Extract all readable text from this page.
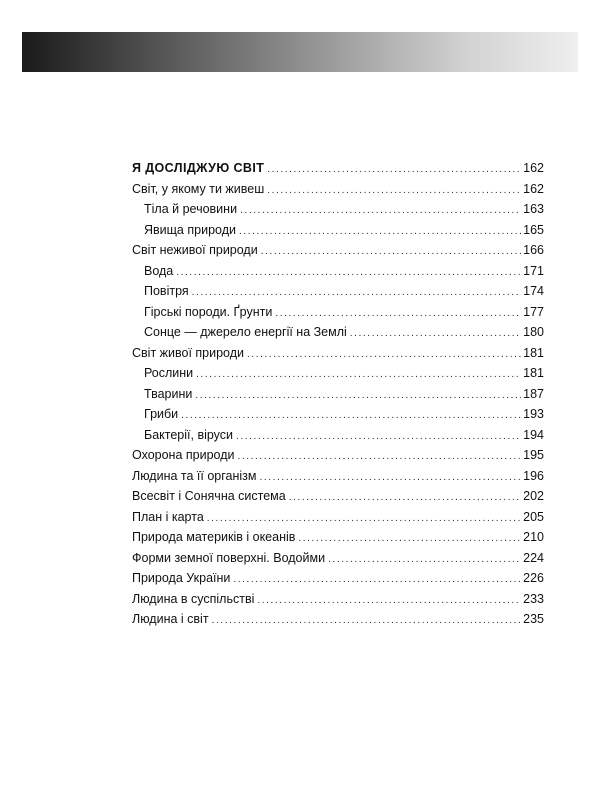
Я ДОСЛІДЖУЮ СВІТ .....	162
Світ, у якому ти живеш .....	162
Тіла й речовини .....	163
Явища природи .....	165
Світ неживої природи .....	166
Вода .....	171
Повітря .....	174
Гірські породи. Ґрунти .....	177
Сонце — джерело енергії на Землі .....	180
Світ живої природи .....	181
Рослини .....	181
Тварини .....	187
Гриби .....	193
Бактерії, віруси .....	194
Охорона природи .....	195
Людина та її організм .....	196
Всесвіт і Сонячна система .....	202
План і карта .....	205
Природа материків і океанів .....	210
Форми земної поверхні. Водойми .....	224
Природа України .....	226
Людина в суспільстві .....	233
Людина і світ .....	235
